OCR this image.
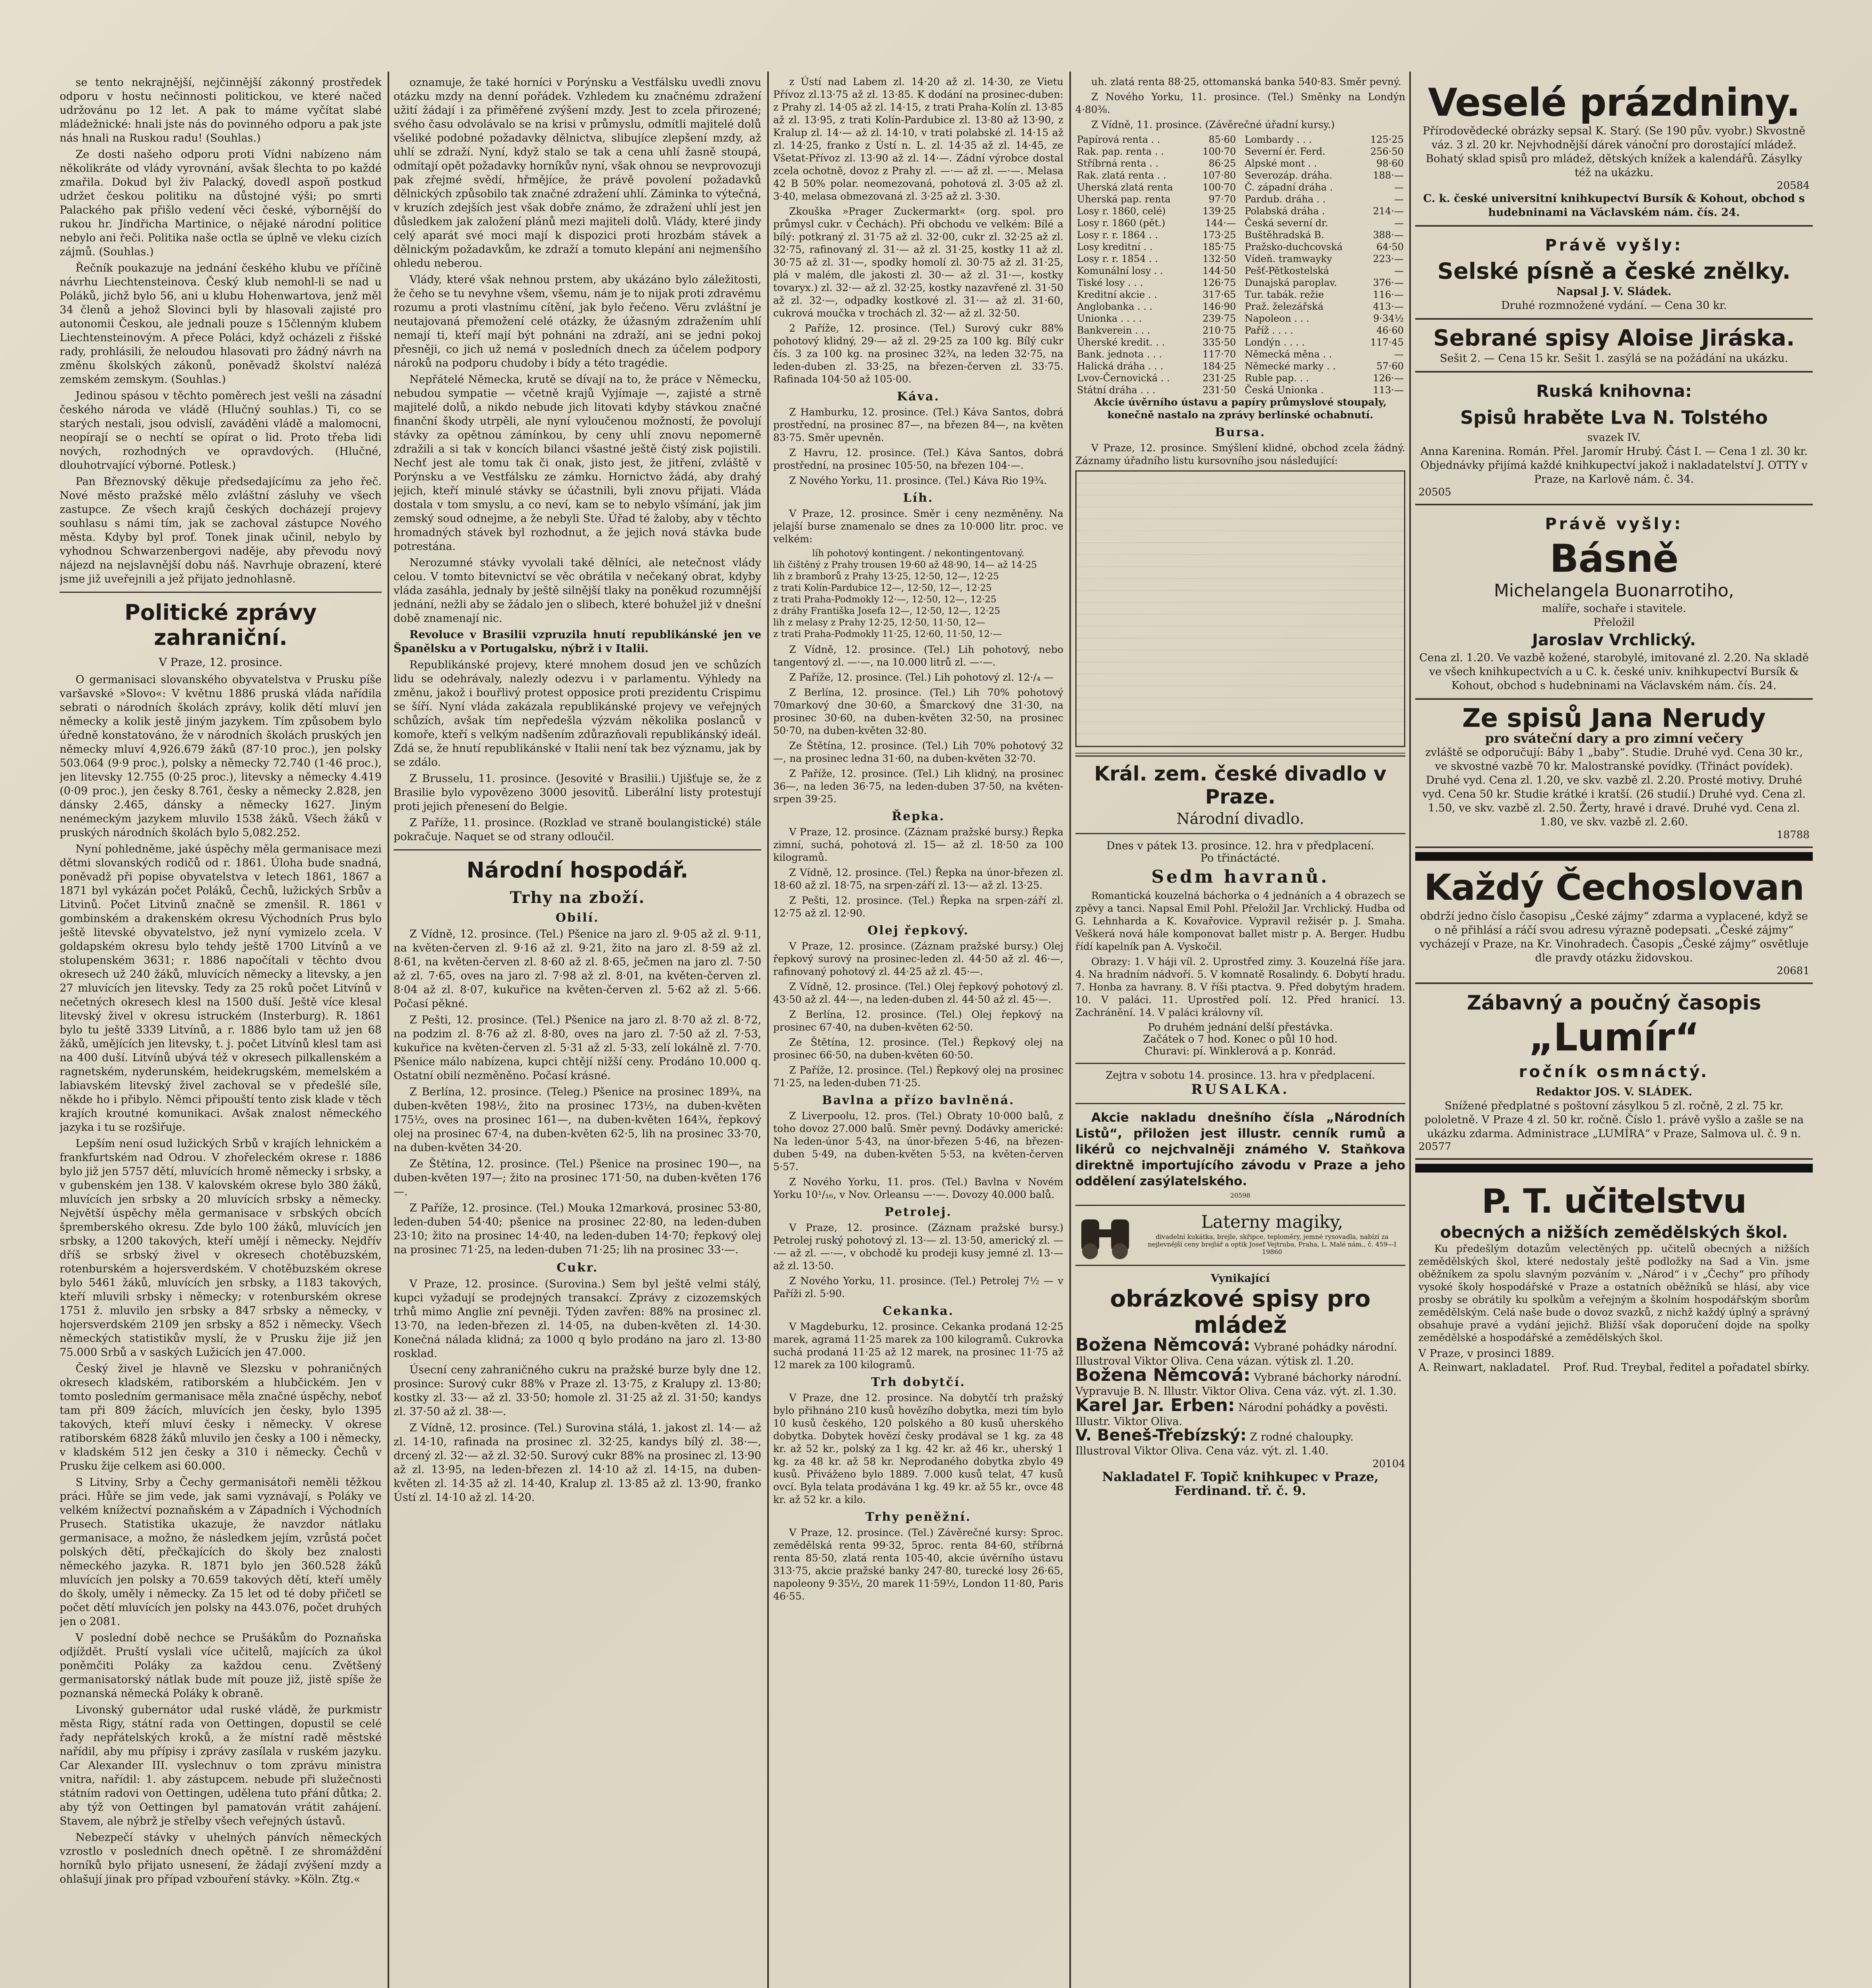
se tento nekrajnější, nejčinnější zákonný prostředek odporu v hostu nečinnosti politickou, ve které načed udržovánu po 12 let. A pak to máme vyčítat slabé mládežnické: hnali jste nás do povinného odporu a pak jste nás hnali na Ruskou radu! (Souhlas.)

Ze dosti našeho odporu proti Vídni nabízeno nám několikráte od vlády vyrovnání, avšak šlechta to po každé zmařila. Dokud byl živ Palacký, dovedl aspoň postkud udržet českou politiku na důstojné výši; po smrti Palackého pak přišlo vedení věci české, výbornější do rukou hr. Jindřicha Martinice, o nějaké národní politice nebylo ani řeči. Politika naše octla se úplně ve vleku cizích zájmů. (Souhlas.)

Řečník poukazuje na jednání českého klubu ve příčině návrhu Liechtensteinova. Český klub nemohl-li se nad u Poláků, jichž bylo 56, ani u klubu Hohenwartova, jenž měl 34 členů a jehož Slovinci byli by hlasovali zajisté pro autonomii Českou, ale jednali pouze s 15členným klubem Liechtensteinovým. A přece Poláci, když ocházeli z řišské rady, prohlásili, že neloudou hlasovati pro žádný návrh na změnu školských zákonů, poněvadž školství nalézá zemském zemskym. (Souhlas.)

Jedinou spásou v těchto poměrech jest vešli na zásadní českého národa ve vládě (Hlučný souhlas.) Ti, co se starých nestali, jsou odvislí, zaváděni vládě a malomocni, neopírají se o nechtí se opírat o lid. Proto třeba lidi nových, rozhodných ve opravdových. (Hlučné, dlouhotrvající výborné. Potlesk.)

Pan Březnovský děkuje předsedajícímu za jeho řeč. Nové město pražské mělo zvláštní zásluhy ve všech zastupce. Ze všech krajů českých docházejí projevy souhlasu s námi tím, jak se zachoval zástupce Nového města. Kdyby byl prof. Tonek jinak učinil, nebylo by vyhodnou Schwarzenbergovi naděje, aby převodu nový nájezd na nejslavnější dobu náš. Navrhuje obrazení, které jsme již uveřejnili a jež přijato jednohlasně.

Politické zprávy zahraniční.
V Praze, 12. prosince.

O germanisaci slovanského obyvatelstva v Prusku píše varšavské »Slovo«: V květnu 1886 pruská vláda nařídila sebrati o národních školách zprávy, kolik dětí mluví jen německy a kolik jestě jiným jazykem. Tím způsobem bylo úředně konstatováno, že v národních školách pruských jen německy mluví 4,926.679 žáků (87·10 proc.), jen polsky 503.064 (9·9 proc.), polsky a německy 72.740 (1·46 proc.), jen litevsky 12.755 (0·25 proc.), litevsky a německy 4.419 (0·09 proc.), jen česky 8.761, česky a německy 2.828, jen dánsky 2.465, dánsky a německy 1627. Jiným nenémeckým jazykem mluvilo 1538 žáků. Všech žáků v pruských národních školách bylo 5,082.252.

Nyní pohledněme, jaké úspěchy měla germanisace mezi dětmi slovanských rodičů od r. 1861. Úloha bude snadná, poněvadž při popise obyvatelstva v letech 1861, 1867 a 1871 byl vykázán počet Poláků, Čechů, lužických Srbův a Litvinů. Počet Litvinů značně se zmenšil. R. 1861 v gombinském a drakenském okresu Východních Prus bylo ještě litevské obyvatelstvo, jež nyní vymizelo zcela. V goldapském okresu bylo tehdy ještě 1700 Litvínů a ve stolupenském 3631; r. 1886 napočítali v těchto dvou okresech už 240 žáků, mluvících německy a litevsky, a jen 27 mluvících jen litevsky. Tedy za 25 roků počet Litvínů v nečetných okresech klesl na 1500 duší. Ještě více klesal litevský živel v okresu istruckém (Insterburg). R. 1861 bylo tu ještě 3339 Litvínů, a r. 1886 bylo tam už jen 68 žáků, umějících jen litevsky, t. j. počet Litvínů klesl tam asi na 400 duší. Litvínů ubývá též v okresech pilkallenském a ragnetském, nyderunském, heidekrugském, memelském a labiavském litevský živel zachoval se v předešlé síle, někde ho i přibylo. Němci připouští tento zisk klade v těch krajích kroutné komunikaci. Avšak znalost německého jazyka i tu se rozšiřuje.

Lepším není osud lužických Srbů v krajích lehnickém a frankfurtském nad Odrou. V zhořeleckém okrese r. 1886 bylo již jen 5757 dětí, mluvících hromě německy i srbsky, a v gubenském jen 138. V kalovském okrese bylo 380 žáků, mluvících jen srbsky a 20 mluvících srbsky a německy. Největší úspěchy měla germanisace v srbských obcích špremberského okresu. Zde bylo 100 žáků, mluvících jen srbsky, a 1200 takových, kteří umějí i německy. Nejdřív dříš se srbský živel v okresech chotěbuzském, rotenburském a hojersverdském. V chotěbuzském okrese bylo 5461 žáků, mluvících jen srbsky, a 1183 takových, kteří mluvili srbsky i německy; v rotenburském okrese 1751 ž. mluvilo jen srbsky a 847 srbsky a německy, v hojersverdském 2109 jen srbsky a 852 i německy. Všech německých statistikův myslí, že v Prusku žije již jen 75.000 Srbů a v saských Lužicích jen 47.000.

Český živel je hlavně ve Slezsku v pohraničných okresech kladském, ratiborském a hlubčickém. Jen v tomto posledním germanisace měla značné úspěchy, neboť tam při 809 žácích, mluvících jen česky, bylo 1395 takových, kteří mluví česky i německy. V okrese ratiborském 6828 žáků mluvilo jen česky a 100 i německy, v kladském 512 jen česky a 310 i německy. Čechů v Prusku žije celkem asi 60.000.

S Litviny, Srby a Čechy germanisátoři neměli těžkou práci. Hůře se jim vede, jak sami vyznávají, s Poláky ve velkém knížectví poznaňském a v Západních i Východních Prusech. Statistika ukazuje, že navzdor nátlaku germanisace, a možno, že následkem jejím, vzrůstá počet polských dětí, přečkajících do školy bez znalosti německého jazyka. R. 1871 bylo jen 360.528 žáků mluvících jen polsky a 70.659 takových dětí, kteří uměly do školy, uměly i německy. Za 15 let od té doby přičetl se počet dětí mluvících jen polsky na 443.076, počet druhých jen o 2081.

V poslední době nechce se Prušákům do Poznaňska odjíždět. Pruští vyslali více učitelů, majících za úkol poněmčiti Poláky za každou cenu. Zvětšený germanisatorský nátlak bude mít pouze již, jistě spíše že poznanská německá Poláky k obraně.

Livonský gubernátor udal ruské vládě, že purkmistr města Rigy, státní rada von Oettingen, dopustil se celé řady nepřátelských kroků, a že místní radě městské nařídil, aby mu přípisy i zprávy zasílala v ruském jazyku. Car Alexander III. vyslechnuv o tom zprávu ministra vnitra, nařídil: 1. aby zástupcem. nebude při služečnosti státním radovi von Oettingen, udělena tuto přání důtka; 2. aby týž von Oettingen byl pamatován vrátit zahájení. Stavem, ale nýbrž je střelby všech veřejných ústavů.

Nebezpečí stávky v uhelných pánvích německých vzrostlo v posledních dnech opětně. I ze shromáždění horníků bylo přijato usnesení, že žádají zvýšení mzdy a ohlašují jinak pro případ vzbouření stávky. »Köln. Ztg.«

oznamuje, že také horníci v Porýnsku a Vestfálsku uvedli znovu otázku mzdy na denní pořádek. Vzhledem ku značnému zdražení užití žádají i za přiměřené zvýšení mzdy. Jest to zcela přirozené; svého času odvolávalo se na krisi v průmyslu, odmítli majitelé dolů všeliké podobné požadavky dělnictva, slibujíce zlepšení mzdy, až uhlí se zdraží. Nyní, když stalo se tak a cena uhlí žasně stoupá, odmítají opět požadavky horníkův nyní, však ohnou se nevprovozuji pak zřejmé svědí, hřmějíce, že právě povolení požadavků dělnických způsobilo tak značné zdražení uhlí. Záminka to výtečná, v kruzích zdejších jest však dobře známo, že zdražení uhlí jest jen důsledkem jak založení plánů mezi majiteli dolů. Vlády, které jindy celý aparát své moci mají k dispozici proti hrozbám stávek a dělnickým požadavkům, ke zdraží a tomuto klepání ani nejmenšího ohledu neberou.

Vlády, které však nehnou prstem, aby ukázáno bylo záležitosti, že čeho se tu nevyhne všem, všemu, nám je to nijak proti zdravému rozumu a proti vlastnímu cítění, jak bylo řečeno. Věru zvláštní je neutajovaná přemožení celé otázky, že úžasným zdražením uhlí nemají ti, kteří mají být pohnáni na zdraží, ani se jedni pokoj přesněji, co jich už nemá v posledních dnech za účelem podpory nároků na podporu chudoby i bídy a této tragédie.

Nepřátelé Německa, krutě se dívají na to, že práce v Německu, nebudou sympatie — včetně krajů Vyjímaje —, zajisté a strně majitelé dolů, a nikdo nebude jich litovati kdyby stávkou značné finanční škody utrpěli, ale nyní vyloučenou možností, že povolují stávky za opětnou zámínkou, by ceny uhlí znovu nepomerně zdražili a si tak v koncích bilanci všastné ještě čistý zisk pojistili. Nechť jest ale tomu tak či onak, jisto jest, že jitření, zvláště v Porýnsku a ve Vestfálsku ze zámku. Hornictvo žádá, aby drahý jejich, kteří minulé stávky se účastnili, byli znovu přijati. Vláda dostala v tom smyslu, a co neví, kam se to nebylo všímání, jak jim zemský soud odnejme, a že nebyli Ste. Úřad té žaloby, aby v těchto hromadných stávek byl rozhodnut, a že jejich nová stávka bude potrestána.

Nerozumné stávky vyvolali také dělníci, ale netečnost vlády celou. V tomto bitevnictví se věc obrátila v nečekaný obrat, kdyby vláda zasáhla, jednaly by ještě silnější tlaky na poněkud rozumnější jednání, nežli aby se žádalo jen o slibech, které bohužel již v dnešní době znamenají nic.

Revoluce v Brasilii vzpruzila hnutí republikánské jen ve Španělsku a v Portugalsku, nýbrž i v Italii.

Republikánské projevy, které mnohem dosud jen ve schůzích lidu se odehrávaly, nalezly odezvu i v parlamentu. Výhledy na změnu, jakož i bouřlivý protest opposice proti prezidentu Crispimu se šíří. Nyní vláda zakázala republikánské projevy ve veřejných schůzích, avšak tím nepředešla výzvám několika poslanců v komoře, kteří s velkým nadšením zdůrazňovali republikánský ideál. Zdá se, že hnutí republikánské v Italii není tak bez významu, jak by se zdálo.

Z Brusselu, 11. prosince. (Jesovité v Brasilii.) Ujišťuje se, že z Brasilie bylo vypovězeno 3000 jesovitů. Liberální listy protestují proti jejich přenesení do Belgie.

Z Paříže, 11. prosince. (Rozklad ve straně boulangistické) stále pokračuje. Naquet se od strany odloučil.

Národní hospodář.
Trhy na zboží.
Obilí.

Z Vídně, 12. prosince. (Tel.) Pšenice na jaro zl. 9·05 až zl. 9·11, na květen-červen zl. 9·16 až zl. 9·21, žito na jaro zl. 8·59 až zl. 8·61, na květen-červen zl. 8·60 až zl. 8·65, ječmen na jaro zl. 7·50 až zl. 7·65, oves na jaro zl. 7·98 až zl. 8·01, na květen-červen zl. 8·04 až zl. 8·07, kukuřice na květen-červen zl. 5·62 až zl. 5·66. Počasí pěkné.

Z Pešti, 12. prosince. (Tel.) Pšenice na jaro zl. 8·70 až zl. 8·72, na podzim zl. 8·76 až zl. 8·80, oves na jaro zl. 7·50 až zl. 7·53, kukuřice na květen-červen zl. 5·31 až zl. 5·33, zelí lokálně zl. 7·70. Pšenice málo nabízena, kupci chtějí nižší ceny. Prodáno 10.000 q. Ostatní obilí nezměněno. Počasí krásné.

Z Berlína, 12. prosince. (Teleg.) Pšenice na prosinec 189¾, na duben-květen 198½, žito na prosinec 173½, na duben-květen 175½, oves na prosinec 161—, na duben-květen 164¾, řepkový olej na prosinec 67·4, na duben-květen 62·5, lih na prosinec 33·70, na duben-květen 34·20.

Ze Štětína, 12. prosince. (Tel.) Pšenice na prosinec 190—, na duben-květen 197—; žito na prosinec 171·50, na duben-květen 176—.

Z Paříže, 12. prosince. (Tel.) Mouka 12marková, prosinec 53·80, leden-duben 54·40; pšenice na prosinec 22·80, na leden-duben 23·10; žito na prosinec 14·40, na leden-duben 14·70; řepkový olej na prosinec 71·25, na leden-duben 71·25; lih na prosinec 33·—.

Cukr.

V Praze, 12. prosince. (Surovina.) Sem byl ještě velmi stálý, kupci vyžadují se prodejných transakcí. Zprávy z cizozemských trhů mimo Anglie zní pevněji. Týden zavřen: 88% na prosinec zl. 13·70, na leden-březen zl. 14·05, na duben-květen zl. 14·30. Konečná nálada klidná; za 1000 q bylo prodáno na jaro zl. 13·80 rosklad.

Úsecní ceny zahraničného cukru na pražské burze byly dne 12. prosince: Surový cukr 88% v Praze zl. 13·75, z Kralupy zl. 13·80; kostky zl. 33·— až zl. 33·50; homole zl. 31·25 až zl. 31·50; kandys zl. 37·50 až zl. 38·—.

Z Vídně, 12. prosince. (Tel.) Surovina stálá, 1. jakost zl. 14·— až zl. 14·10, rafinada na prosinec zl. 32·25, kandys bílý zl. 38·—, drcený zl. 32·— až zl. 32·50. Surový cukr 88% na prosinec zl. 13·90 až zl. 13·95, na leden-březen zl. 14·10 až zl. 14·15, na duben-květen zl. 14·35 až zl. 14·40, Kralup zl. 13·85 až zl. 13·90, franko Ústí zl. 14·10 až zl. 14·20.

z Ústí nad Labem zl. 14·20 až zl. 14·30, ze Vietu Přívoz zl.13·75 až zl. 13·85. K dodání na prosinec-duben: z Prahy zl. 14·05 až zl. 14·15, z trati Praha-Kolín zl. 13·85 až zl. 13·95, z trati Kolín-Pardubice zl. 13·80 až 13·90, z Kralup zl. 14·— až zl. 14·10, v trati polabské zl. 14·15 až zl. 14·25, franko z Ústí n. L. zl. 14·35 až zl. 14·45, ze Všetat-Přívoz zl. 13·90 až zl. 14·—. Zádní výrobce dostal zcela ochotně, dovoz z Prahy zl. —·— až zl. —·—. Melasa 42 B 50% polar. neomezovaná, pohotová zl. 3·05 až zl. 3·40, melasa obmezovaná zl. 3·25 až zl. 3·30.

Zkouška »Prager Zuckermarkt« (org. spol. pro průmysl cukr. v Čechách). Při obchodu ve velkém: Bílé a bílý: potkraný zl. 31·75 až zl. 32·00, cukr zl. 32·25 až zl. 32·75, rafinovaný zl. 31·— až zl. 31·25, kostky 11 až zl. 30·75 až zl. 31·—, spodky homolí zl. 30·75 až zl. 31·25, plá v malém, dle jakosti zl. 30·— až zl. 31·—, kostky tovaryx.) zl. 32·— až zl. 32·25, kostky nazavřené zl. 31·50 až zl. 32·—, odpadky kostkové zl. 31·— až zl. 31·60, cukrová moučka v trochách zl. 32·— až zl. 32·50.

2 Paříže, 12. prosince. (Tel.) Surový cukr 88% pohotový klidný, 29·— až zl. 29·25 za 100 kg. Bílý cukr čís. 3 za 100 kg. na prosinec 32¾, na leden 32·75, na leden-duben zl. 33·25, na březen-červen zl. 33·75. Rafinada 104·50 až 105·00.

Káva.

Z Hamburku, 12. prosince. (Tel.) Káva Santos, dobrá prostřední, na prosinec 87—, na březen 84—, na květen 83·75. Směr upevněn.

Z Havru, 12. prosince. (Tel.) Káva Santos, dobrá prostřední, na prosinec 105·50, na březen 104·—.

Z Nového Yorku, 11. prosince. (Tel.) Káva Rio 19¾.

Líh.

V Praze, 12. prosince. Směr i ceny nezměněny. Na jelajší burse znamenalo se dnes za 10·000 litr. proc. ve velkém:

líh pohotový kontingent. / nekontingentovaný.
lih čištěný z Prahy trousen 19·60 až 48·90, 14— až 14·25
lih z bramborů z Prahy 13·25, 12·50, 12—, 12·25
z trati Kolín-Pardubice 12—, 12·50, 12—, 12·25
z trati Praha-Podmokly 12·—, 12·50, 12—, 12·25
z dráhy Františka Josefa 12—, 12·50, 12—, 12·25
lih z melasy z Prahy 12·25, 12·50, 11·50, 12—
z trati Praha-Podmokly 11·25, 12·60, 11·50, 12·—

Z Vídně, 12. prosince. (Tel.) Lih pohotový, nebo tangentový zl. —·—, na 10.000 litrů zl. —·—.

Z Paříže, 12. prosince. (Tel.) Lih pohotový zl. 12·/₄ —

Z Berlína, 12. prosince. (Tel.) Lih 70% pohotový 70markový dne 30·60, a Šmarckový dne 31·30, na prosinec 30·60, na duben-květen 32·50, na prosinec 50·70, na duben-květen 32·80.

Ze Štětína, 12. prosince. (Tel.) Lih 70% pohotový 32—, na prosinec ledna 31·60, na duben-květen 32·70.

Z Paříže, 12. prosince. (Tel.) Lih klidný, na prosinec 36—, na leden 36·75, na leden-duben 37·50, na květen-srpen 39·25.

Řepka.

V Praze, 12. prosince. (Záznam pražské bursy.) Řepka zimní, suchá, pohotová zl. 15— až zl. 18·50 za 100 kilogramů.

Z Vídně, 12. prosince. (Tel.) Řepka na únor-březen zl. 18·60 až zl. 18·75, na srpen-září zl. 13·— až zl. 13·25.

Z Pešti, 12. prosince. (Tel.) Řepka na srpen-září zl. 12·75 až zl. 12·90.

Olej řepkový.

V Praze, 12. prosince. (Záznam pražské bursy.) Olej řepkový surový na prosinec-leden zl. 44·50 až zl. 46·—, rafinovaný pohotový zl. 44·25 až zl. 45·—.

Z Vídně, 12. prosince. (Tel.) Olej řepkový pohotový zl. 43·50 až zl. 44·—, na leden-duben zl. 44·50 až zl. 45·—.

Z Berlína, 12. prosince. (Tel.) Olej řepkový na prosinec 67·40, na duben-květen 62·50.

Ze Štětína, 12. prosince. (Tel.) Řepkový olej na prosinec 66·50, na duben-květen 60·50.

Z Paříže, 12. prosince. (Tel.) Řepkový olej na prosinec 71·25, na leden-duben 71·25.

Bavlna a přízo bavlněná.

Z Liverpoolu, 12. pros. (Tel.) Obraty 10·000 balů, z toho dovoz 27.000 balů. Směr pevný. Dodávky americké: Na leden-únor 5·43, na únor-březen 5·46, na březen-duben 5·49, na duben-květen 5·53, na květen-červen 5·57.

Z Nového Yorku, 11. pros. (Tel.) Bavlna v Novém Yorku 10¹/₁₆, v Nov. Orleansu —·—. Dovozy 40.000 balů.

Petrolej.

V Praze, 12. prosince. (Záznam pražské bursy.) Petrolej ruský pohotový zl. 13·— zl. 13·50, americký zl. —·— až zl. —·—, v obchodě ku prodeji kusy jemné zl. 13·— až zl. 13·50.

Z Nového Yorku, 11. prosince. (Tel.) Petrolej 7½ — v Paříži zl. 5·90.

Cekanka.

V Magdeburku, 12. prosince. Cekanka prodaná 12·25 marek, agramá 11·25 marek za 100 kilogramů. Cukrovka suchá prodaná 11·25 až 12 marek, na prosinec 11·75 až 12 marek za 100 kilogramů.

Trh dobytčí.

V Praze, dne 12. prosince. Na dobytčí trh pražský bylo přihnáno 210 kusů hovězího dobytka, mezi tím bylo 10 kusů českého, 120 polského a 80 kusů uherského dobytka. Dobytek hovězí česky prodával se 1 kg. za 48 kr. až 52 kr., polský za 1 kg. 42 kr. až 46 kr., uherský 1 kg. za 48 kr. až 58 kr. Neprodaného dobytka zbylo 49 kusů. Přiváženo bylo 1889. 7.000 kusů telat, 47 kusů ovcí. Byla telata prodávána 1 kg. 49 kr. až 55 kr., ovce 48 kr. až 52 kr. a kilo.

Trhy peněžní.

V Praze, 12. prosince. (Tel.) Závěrečné kursy: Sproc. zemědělská renta 99·32, 5proc. renta 84·60, stříbrná renta 85·50, zlatá renta 105·40, akcie úvěrního ústavu 313·75, akcie pražské banky 247·80, turecké losy 26·65, napoleony 9·35½, 20 marek 11·59½, London 11·80, Paris 46·55.

uh. zlatá renta 88·25, ottomanská banka 540·83. Směr pevný.

Z Nového Yorku, 11. prosince. (Tel.) Směnky na Londýn 4·80⅜.

Z Vídně, 11. prosince. (Závěrečné úřadní kursy.)

Papírová renta . .	85·60
Rak. pap. renta . .	100·70
Stříbrná renta . .	86·25
Rak. zlatá renta . .	107·80
Uherská zlatá renta	100·70
Uherská pap. renta	97·70
Losy r. 1860, celé)	139·25
Losy r. 1860 (pět.)	144·—
Losy r. r. 1864 . .	173·25
Losy kreditní . .	185·75
Losy r. r. 1854 . .	132·50
Komunální losy . .	144·50
Tiské losy . . .	126·75
Kreditní akcie . .	317·65
Anglobanka . . .	146·90
Unionka . . . .	239·75
Bankverein . . .	210·75
Úherské kredit. . .	335·50
Bank. jednota . . .	117·70
Halická dráha . . .	184·25
Lvov-Černovická . .	231·25
Státní dráha . . .	231·50
Lombardy . . .	125·25
Severní ér. Ferd.	256·50
Alpské mont . .	98·60
Severozáp. dráha.	188·—
Č. západní dráha .	—
Pardub. dráha . .	—
Polabská dráha .	214·—
Česká severní dr.	—
Buštěhradská B.	388·—
Pražsko-duchcovská	64·50
Vídeň. tramwayky	223·—
Pešť-Pětkostelská	—
Dunajská paroplav.	376·—
Tur. tabák. režie	116·—
Praž. železářská	413·—
Napoleon . . .	9·34½
Paříž . . . .	46·60
Londýn . . . .	117·45
Německá měna . .	—
Německé marky . .	57·60
Ruble pap. . .	126·—
Česká Unionka .	113·—

Akcie úvěrního ústavu a papíry průmyslové stoupaly, konečně nastalo na zprávy berlínské ochabnutí.

Bursa.

V Praze, 12. prosince. Smýšlení klidné, obchod zcela žádný. Záznamy úřadního listu kursovního jsou následující:

Král. zem. české divadlo v Praze.
Národní divadlo.
Dnes v pátek 13. prosince. 12. hra v předplacení.
Po třináctácté.
Sedm havranů.

Romantická kouzelná báchorka o 4 jednáních a 4 obrazech se zpěvy a tanci. Napsal Emil Pohl. Přeložil Jar. Vrchlický. Hudba od G. Lehnharda a K. Kovařovice. Vypravil režisér p. J. Smaha. Veškerá nová hále komponovat ballet mistr p. A. Berger. Hudbu řídí kapelník pan A. Vyskočil.

Obrazy: 1. V háji víl. 2. Uprostřed zimy. 3. Kouzelná říše jara. 4. Na hradním nádvoří. 5. V komnatě Rosalindy. 6. Dobytí hradu. 7. Honba za havrany. 8. V říši ptactva. 9. Před dobytým hradem. 10. V paláci. 11. Uprostřed polí. 12. Před hranicí. 13. Zachránění. 14. V paláci královny víl.

Po druhém jednání delší přestávka.
Začátek o 7 hod. Konec o půl 10 hod.
Churavi: pí. Winklerová a p. Konrád.
Zejtra v sobotu 14. prosince. 13. hra v předplacení.
RUSALKA.

Akcie nakladu dnešního čísla „Národních Listů“, přiložen jest illustr. cenník rumů a likérů co nejchvalněji známého V. Staňkova direktně importujícího závodu v Praze a jeho oddělení zasýlatelského.

20598
Laterny magiky,
divadelní kukátka, brejle, skřipce, teploměry, jemné rysovadla, nabízí za nejlevnější ceny brejlář a optik Josef Vejtruba, Praha, L. Malé nám., č. 459—I
19860
Vynikající
obrázkové spisy pro mládež
Božena Němcová: Vybrané pohádky národní. Illustroval Viktor Oliva. Cena vázan. výtisk zl. 1.20.
Božena Němcová: Vybrané báchorky národní. Vypravuje B. N. Illustr. Viktor Oliva. Cena váz. výt. zl. 1.30.
Karel Jar. Erben: Národní pohádky a pověsti. Illustr. Viktor Oliva.
V. Beneš-Třebízský: Z rodné chaloupky. Illustroval Viktor Oliva. Cena váz. výt. zl. 1.40.
20104
Nakladatel F. Topič knihkupec v Praze, Ferdinand. tř. č. 9.
Veselé prázdniny.
Přírodovědecké obrázky sepsal K. Starý. (Se 190 pův. vyobr.) Skvostně váz. 3 zl. 20 kr. Nejvhodnější dárek vánoční pro dorostající mládež. Bohatý sklad spisů pro mládež, dětských knížek a kalendářů. Zásylky též na ukázku.
20584
C. k. české universitní knihkupectví Bursík & Kohout, obchod s hudebninami na Václavském nám. čís. 24.
Právě vyšly:
Selské písně a české znělky.
Napsal J. V. Sládek.
Druhé rozmnožené vydání. — Cena 30 kr.
Sebrané spisy Aloise Jiráska.
Sešit 2. — Cena 15 kr. Sešit 1. zasýlá se na požádání na ukázku.
Ruská knihovna:
Spisů hraběte Lva N. Tolstého
svazek IV.
Anna Karenina. Román. Přel. Jaromír Hrubý. Část I. — Cena 1 zl. 30 kr. Objednávky přijímá každé knihkupectví jakož i nakladatelství J. OTTY v Praze, na Karlově nám. č. 34.
20505
Právě vyšly:
Básně
Michelangela Buonarrotiho,
malíře, sochaře i stavitele.
Přeložil
Jaroslav Vrchlický.
Cena zl. 1.20. Ve vazbě kožené, starobylé, imitované zl. 2.20. Na skladě ve všech knihkupectvích a u C. k. české univ. knihkupectví Bursík & Kohout, obchod s hudebninami na Václavském nám. čís. 24.
Ze spisů Jana Nerudy
pro sváteční dary a pro zimní večery
zvláště se odporučují: Báby 1 „baby“. Studie. Druhé vyd. Cena 30 kr., ve skvostné vazbě 70 kr. Malostranské povídky. (Třináct povídek). Druhé vyd. Cena zl. 1.20, ve skv. vazbě zl. 2.20. Prosté motivy. Druhé vyd. Cena 50 kr. Studie krátké i kratší. (26 studií.) Druhé vyd. Cena zl. 1.50, ve skv. vazbě zl. 2.50. Žerty, hravé i dravé. Druhé vyd. Cena zl. 1.80, ve skv. vazbě zl. 2.60.
18788
Každý Čechoslovan
obdrží jedno číslo časopisu „České zájmy“ zdarma a vyplacené, když se o ně přihlásí a ráčí svou adresu výrazně podepsati. „České zájmy“ vycházejí v Praze, na Kr. Vinohradech. Časopis „České zájmy“ osvětluje dle pravdy otázku židovskou.
20681
Zábavný a poučný časopis
„Lumír“
ročník osmnáctý.
Redaktor JOS. V. SLÁDEK.
Snížené předplatné s poštovní zásylkou 5 zl. ročně, 2 zl. 75 kr. pololetně. V Praze 4 zl. 50 kr. ročně. Číslo 1. právě vyšlo a zašle se na ukázku zdarma. Administrace „LUMÍRA“ v Praze, Salmova ul. č. 9 n.
20577
P. T. učitelstvu
obecných a nižších zemědělských škol.

Ku předešlým dotazům velectěných pp. učitelů obecných a nižších zemědělských škol, které nedostaly ještě podložky na Sad a Vin. jsme oběžníkem za spolu slavným pozváním v. „Národ“ i v „Čechy“ pro příhody vysoké školy hospodářské v Praze a ostatních oběžníků se hlásí, aby vice prosby se obrátily ku spolkům a veřejným a školním hospodářským sborům zemědělským. Celá naše bude o dovoz svazků, z nichž každý úplný a správný obsahuje pravé a vydání jejichž. Bližší však doporučení dojde na spolky zemědělské a hospodářské a zemědělských škol.

V Praze, v prosinci 1889.
A. Reinwart, nakladatel. Prof. Rud. Treybal, ředitel a pořadatel sbírky.
